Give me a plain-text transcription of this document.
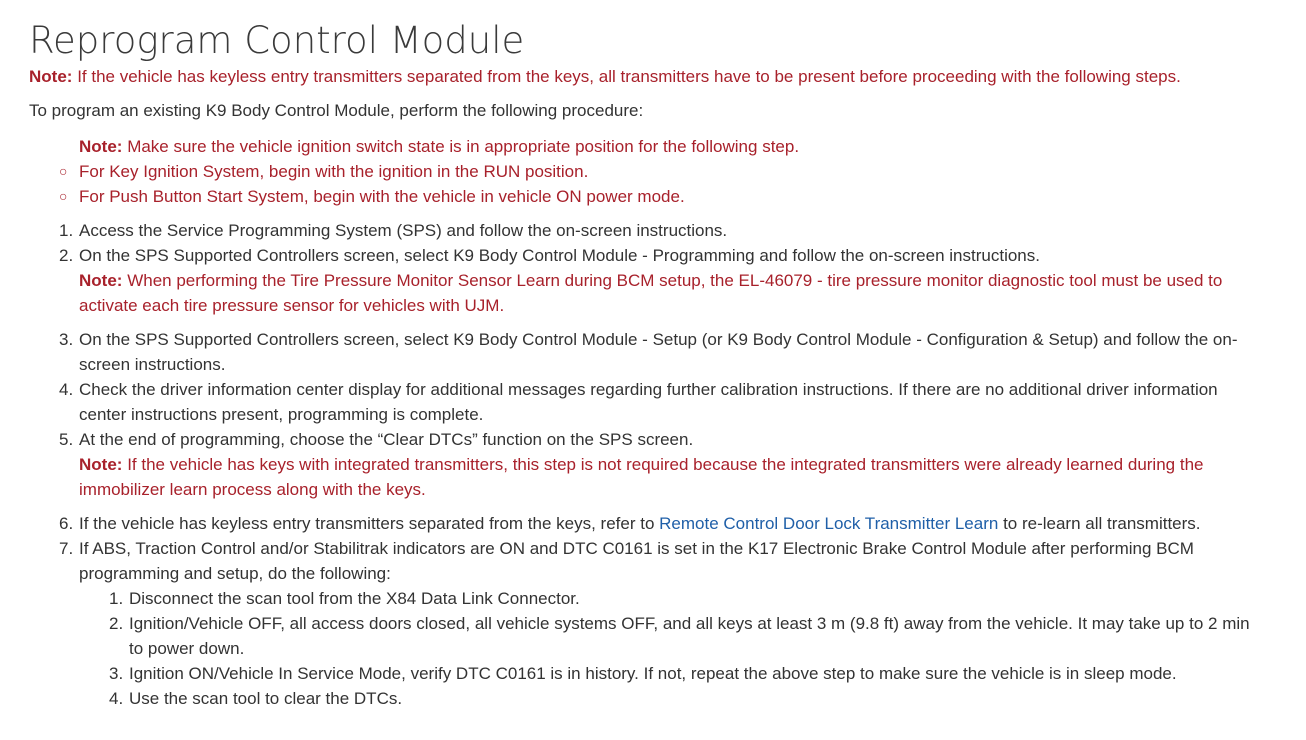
Reprogram Control Module

Note: If the vehicle has keyless entry transmitters separated from the keys, all transmitters have to be present before proceeding with the following steps.

To program an existing K9 Body Control Module, perform the following procedure:

Note: Make sure the vehicle ignition switch state is in appropriate position for the following step.
○ For Key Ignition System, begin with the ignition in the RUN position.
○ For Push Button Start System, begin with the vehicle in vehicle ON power mode.
1. Access the Service Programming System (SPS) and follow the on-screen instructions.
2. On the SPS Supported Controllers screen, select K9 Body Control Module - Programming and follow the on-screen instructions.
Note: When performing the Tire Pressure Monitor Sensor Learn during BCM setup, the EL-46079 - tire pressure monitor diagnostic tool must be used to activate each tire pressure sensor for vehicles with UJM.
3. On the SPS Supported Controllers screen, select K9 Body Control Module - Setup (or K9 Body Control Module - Configuration & Setup) and follow the on-screen instructions.
4. Check the driver information center display for additional messages regarding further calibration instructions. If there are no additional driver information center instructions present, programming is complete.
5. At the end of programming, choose the “Clear DTCs” function on the SPS screen.
Note: If the vehicle has keys with integrated transmitters, this step is not required because the integrated transmitters were already learned during the immobilizer learn process along with the keys.
6. If the vehicle has keyless entry transmitters separated from the keys, refer to Remote Control Door Lock Transmitter Learn to re-learn all transmitters.
7. If ABS, Traction Control and/or Stabilitrak indicators are ON and DTC C0161 is set in the K17 Electronic Brake Control Module after performing BCM programming and setup, do the following:
1. Disconnect the scan tool from the X84 Data Link Connector.
2. Ignition/Vehicle OFF, all access doors closed, all vehicle systems OFF, and all keys at least 3 m (9.8 ft) away from the vehicle. It may take up to 2 min to power down.
3. Ignition ON/Vehicle In Service Mode, verify DTC C0161 is in history. If not, repeat the above step to make sure the vehicle is in sleep mode.
4. Use the scan tool to clear the DTCs.
